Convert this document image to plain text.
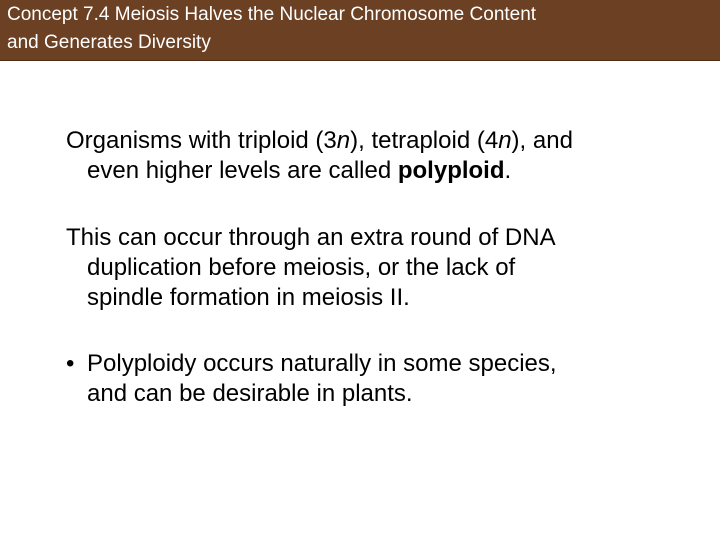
Concept 7.4 Meiosis Halves the Nuclear Chromosome Content
and Generates Diversity
Organisms with triploid (3n), tetraploid (4n), and
even higher levels are called polyploid.
This can occur through an extra round of DNA
duplication before meiosis, or the lack of
spindle formation in meiosis II.
• Polyploidy occurs naturally in some species,
and can be desirable in plants.
